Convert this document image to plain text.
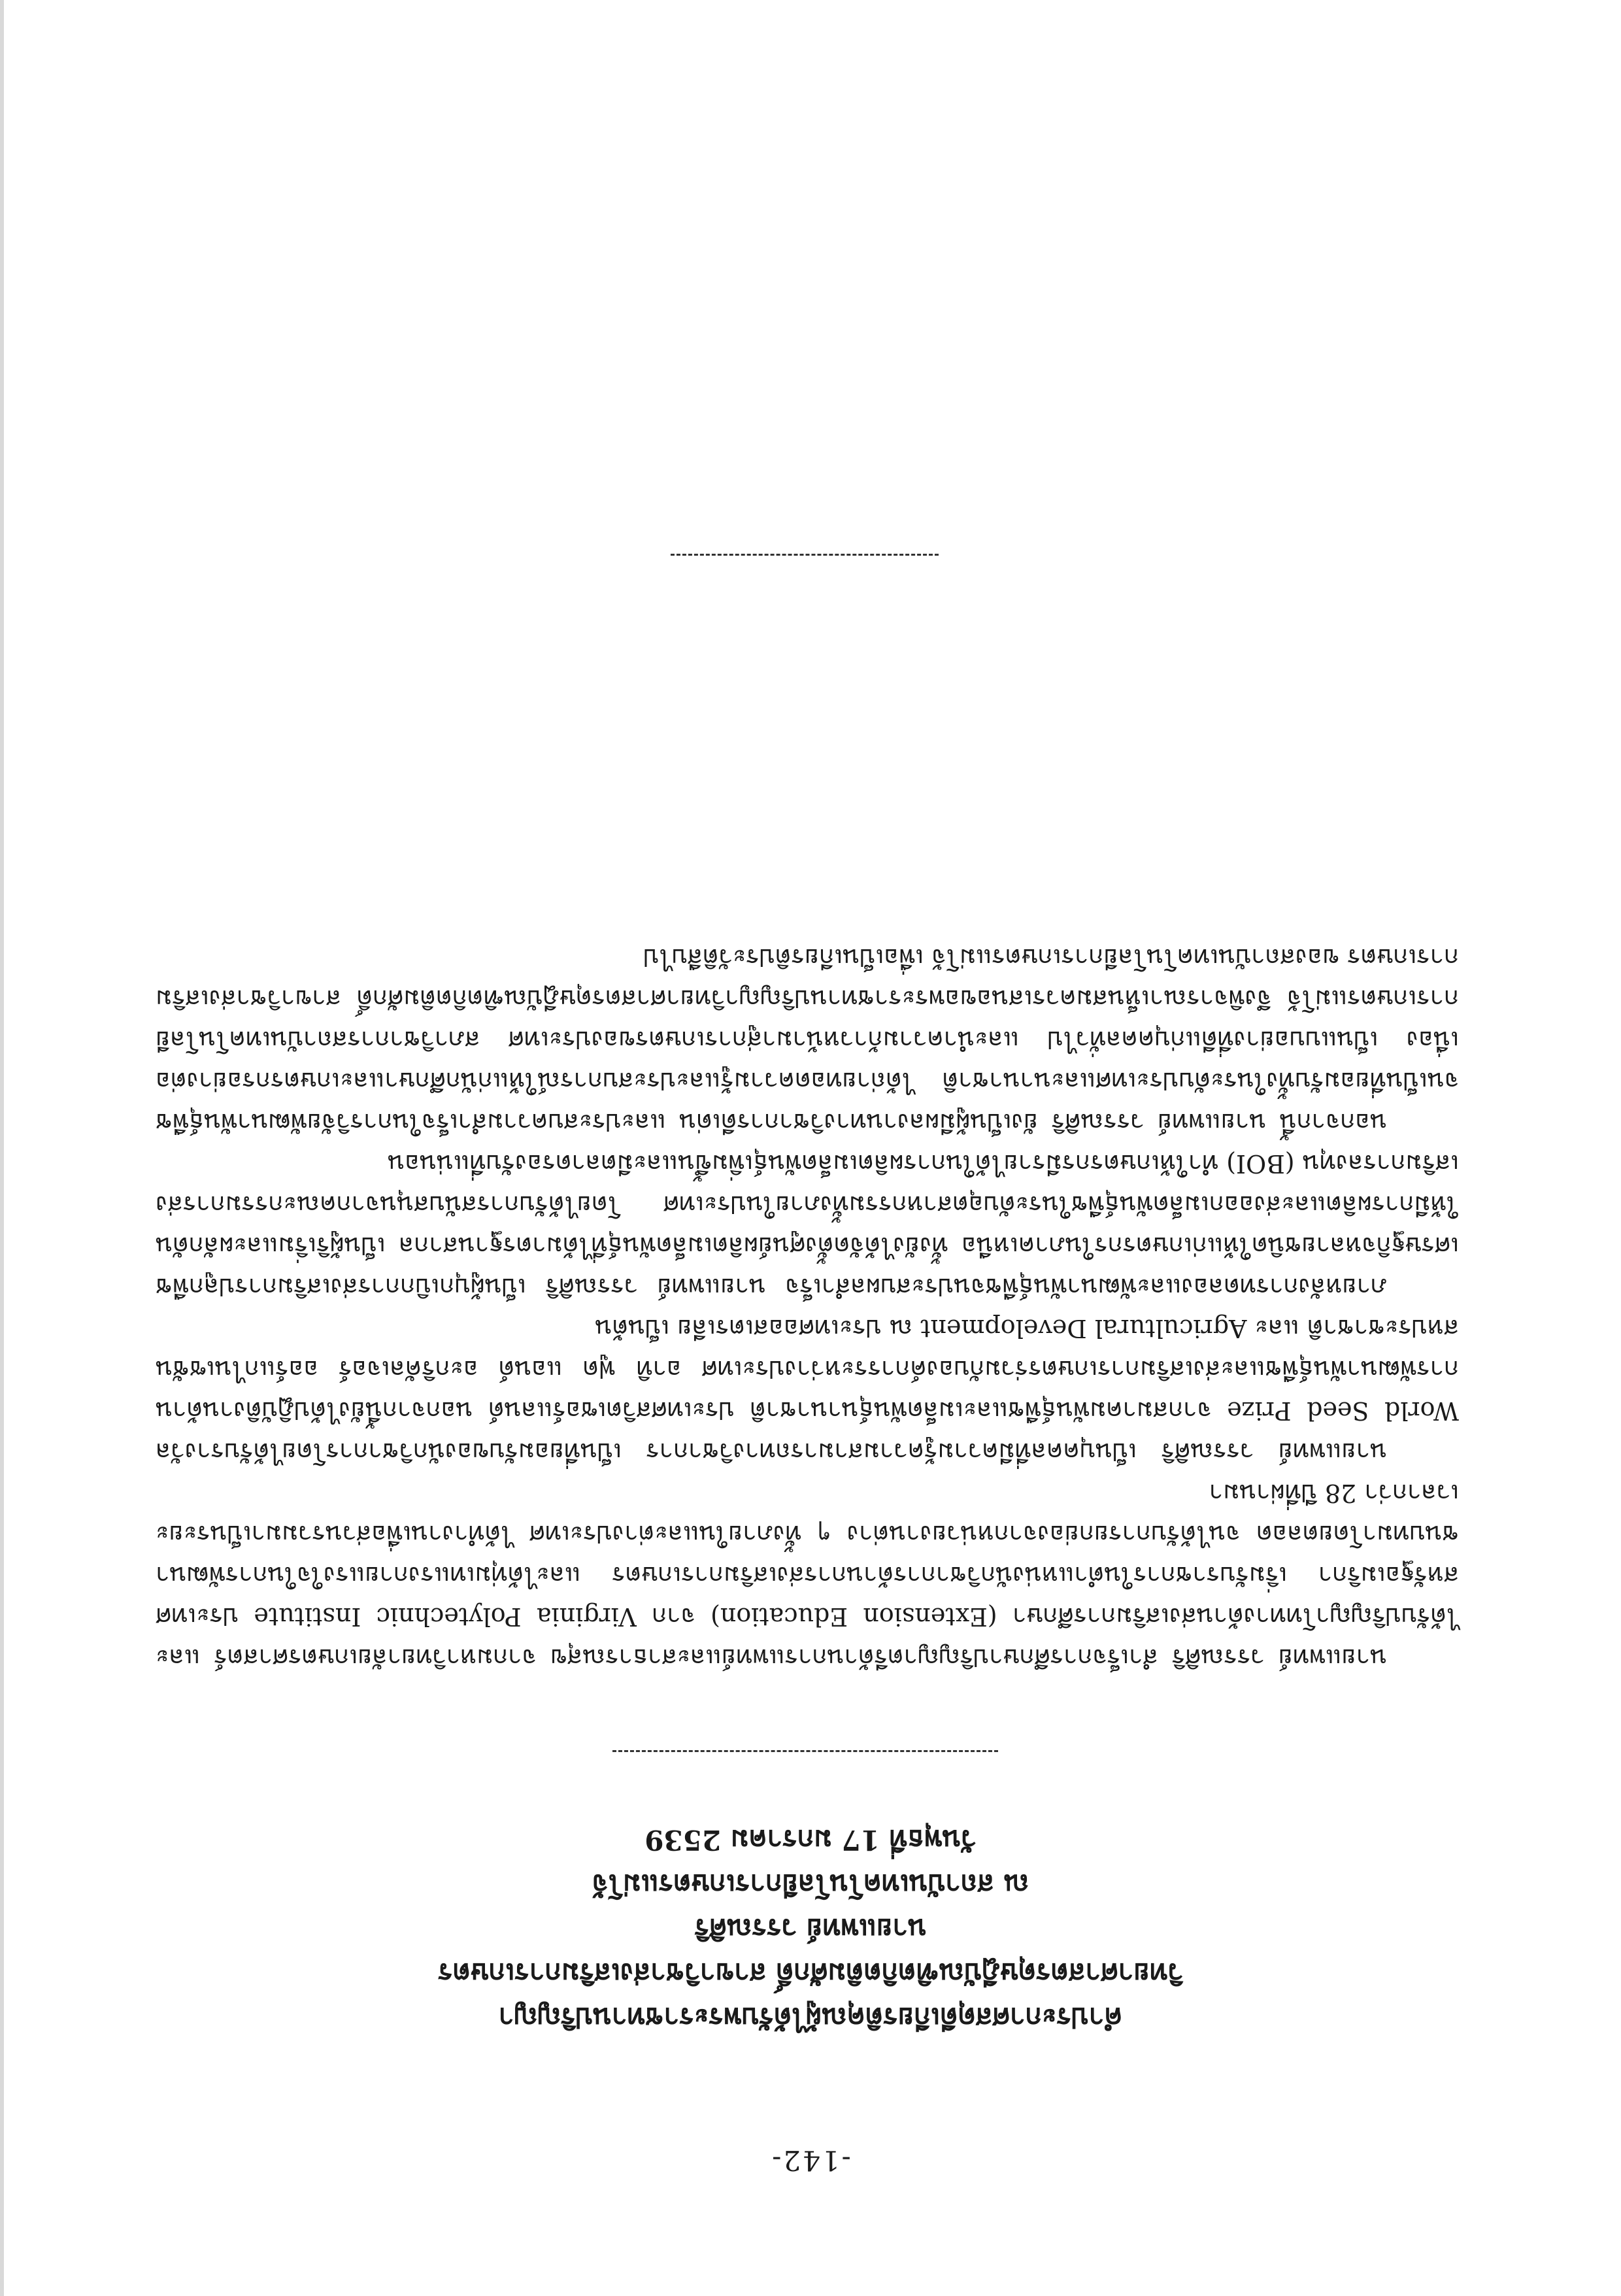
-142-
คำประกาศสดุดีเกียรติคุณผู้ได้รับพระราชทานปริญญา
วิทยาศาสตรดุษฎีบัณฑิตกิตติมศักดิ์ สาขาวิชาส่งเสริมการเกษตร
นายแพทย์ วรรณศิริ
ณ สถาบันเทคโนโลยีการเกษตรแม่โจ้
วันพุธที่ 17 มกราคม 2539

นายแพทย์ วรรณศิริ สำเร็จการศึกษาปริญญาตรีด้านการแพทย์และสาธารณสุข จากมหาวิทยาลัยเกษตรศาสตร์ และได้รับปริญญาโททางด้านส่งเสริมการศึกษา (Extension Education) จาก Virginia Polytechnic Institute ประเทศสหรัฐอเมริกา เริ่มรับราชการในตำแหน่งนักวิชาการด้านการส่งเสริมการเกษตร และได้ทุ่มเทแรงกายแรงใจในการพัฒนาชนบทมาโดยตลอด จนได้รับการยกย่องจากหน่วยงานต่าง ๆ ทั้งภายในและต่างประเทศ ได้ทำงานเพื่อส่วนรวมมาเป็นระยะเวลากว่า 28 ปีที่ผ่านมา

นายแพทย์ วรรณศิริ เป็นบุคคลที่มีความรู้ความสามารถทางวิชาการ เป็นที่ยอมรับของนักวิชาการโดยได้รับรางวัล World Seed Prize จากสมาคมพันธุ์พืชและเมล็ดพันธุ์นานาชาติ ประเทศสวิตเซอร์แลนด์ นอกจากนี้ยังได้ปฏิบัติงานด้านการพัฒนาพันธุ์พืชและส่งเสริมการเกษตรร่วมกับองค์การระหว่างประเทศ อาทิ ฟูด แอนด์ อะกริคัลเจอร์ ออร์แกไนเซชัน สหประชาชาติ และ Agricultural Development ณ ประเทศออสเตรเลีย เป็นต้น

ภายหลังการทดลองและพัฒนาพันธุ์พืชจนประสบผลสำเร็จ นายแพทย์ วรรณศิริ เป็นผู้บุกเบิกการส่งเสริมการปลูกพืชเศรษฐกิจหลายชนิดให้แก่เกษตรกรในภาคเหนือ ทั้งยังได้จัดตั้งศูนย์ผลิตเมล็ดพันธุ์ที่ได้มาตรฐานสากล เป็นผู้ริเริ่มและผลักดันให้มีการผลิตและส่งออกเมล็ดพันธุ์พืชในระดับอุตสาหกรรมทั้งภายในประเทศ โดยได้รับการสนับสนุนจากคณะกรรมการส่งเสริมการลงทุน (BOI) ทำให้เกษตรกรมีรายได้ในการผลิตเมล็ดพันธุ์เพิ่มขึ้นและมีตลาดรองรับที่แน่นอน

นอกจากนี้ นายแพทย์ วรรณศิริ ยังเป็นผู้มีผลงานทางวิชาการดีเด่น และประสบความสำเร็จในการวิจัยพัฒนาพันธุ์พืช จนเป็นที่ยอมรับทั้งในระดับประเทศและนานาชาติ ได้ถ่ายทอดความรู้และประสบการณ์ให้แก่นักศึกษาและเกษตรกรอย่างต่อเนื่อง เป็นแบบอย่างที่ดีแก่บุคคลทั่วไป และนำความก้าวหน้ามาสู่การเกษตรของประเทศ สภาวิชาการสถาบันเทคโนโลยีการเกษตรแม่โจ้ จึงพิจารณาเห็นสมควรเสนอขอพระราชทานปริญญาวิทยาศาสตรดุษฎีบัณฑิตกิตติมศักดิ์ สาขาวิชาส่งเสริมการเกษตร ของสถาบันเทคโนโลยีการเกษตรแม่โจ้ เพื่อเป็นเกียรติประวัติสืบไป
